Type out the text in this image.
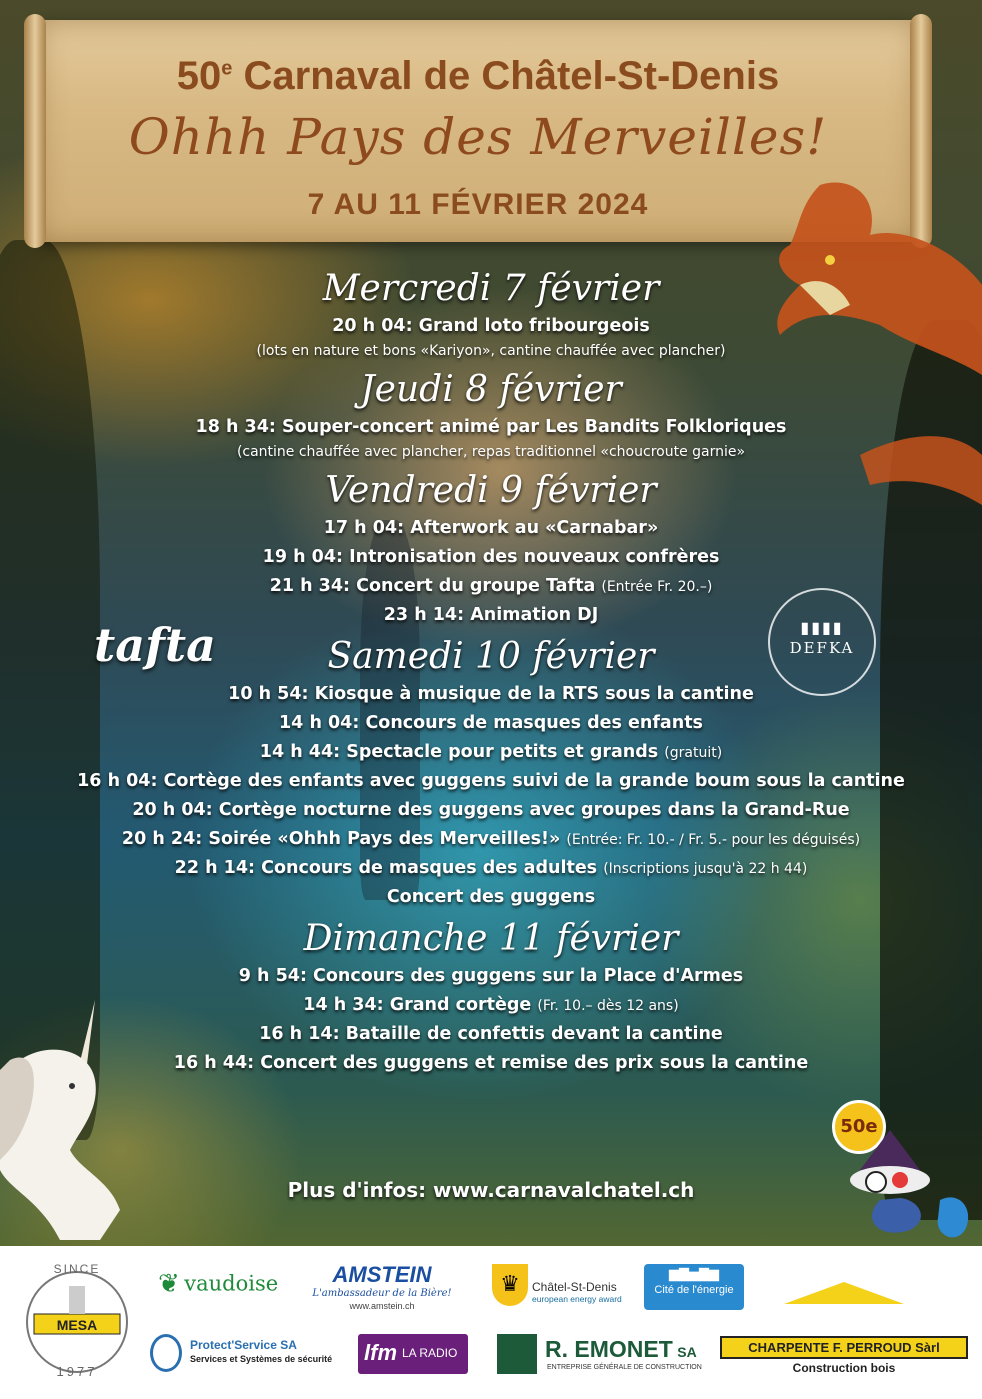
50e Carnaval de Châtel-St-Denis
Ohhh Pays des Merveilles!
7 AU 11 FÉVRIER 2024
Mercredi 7 février
20 h 04: Grand loto fribourgeois
(lots en nature et bons «Kariyon», cantine chauffée avec plancher)
Jeudi 8 février
18 h 34: Souper-concert animé par Les Bandits Folkloriques
(cantine chauffée avec plancher, repas traditionnel «choucroute garnie»
Vendredi 9 février
17 h 04: Afterwork au «Carnabar»
19 h 04: Intronisation des nouveaux confrères
21 h 34: Concert du groupe Tafta (Entrée Fr. 20.–)
23 h 14: Animation DJ
Samedi 10 février
10 h 54: Kiosque à musique de la RTS sous la cantine
14 h 04: Concours de masques des enfants
14 h 44: Spectacle pour petits et grands (gratuit)
16 h 04: Cortège des enfants avec guggens suivi de la grande boum sous la cantine
20 h 04: Cortège nocturne des guggens avec groupes dans la Grand-Rue
20 h 24: Soirée «Ohhh Pays des Merveilles!» (Entrée: Fr. 10.- / Fr. 5.- pour les déguisés)
22 h 14: Concours de masques des adultes (Inscriptions jusqu'à 22 h 44)
Concert des guggens
Dimanche 11 février
9 h 54: Concours des guggens sur la Place d'Armes
14 h 34: Grand cortège (Fr. 10.– dès 12 ans)
16 h 14: Bataille de confettis devant la cantine
16 h 44: Concert des guggens et remise des prix sous la cantine
tafta	▮▮▮▮
DEFKA
50e
Plus d'infos: www.carnavalchatel.ch
SINCE
MESA
1977
❦ vaudoise	AMSTEIN
L'ambassadeur de la Bière!
www.amstein.ch
♛	Châtel-St-Denis
european energy award
▆▇▅▇▆
Cité de l'énergie
Protect'Service SA
Services et Systèmes de sécurité lfm LA RADIO	R. EMONET SA
ENTREPRISE GÉNÉRALE DE CONSTRUCTION
CHARPENTE F. PERROUD Sàrl
Construction bois
